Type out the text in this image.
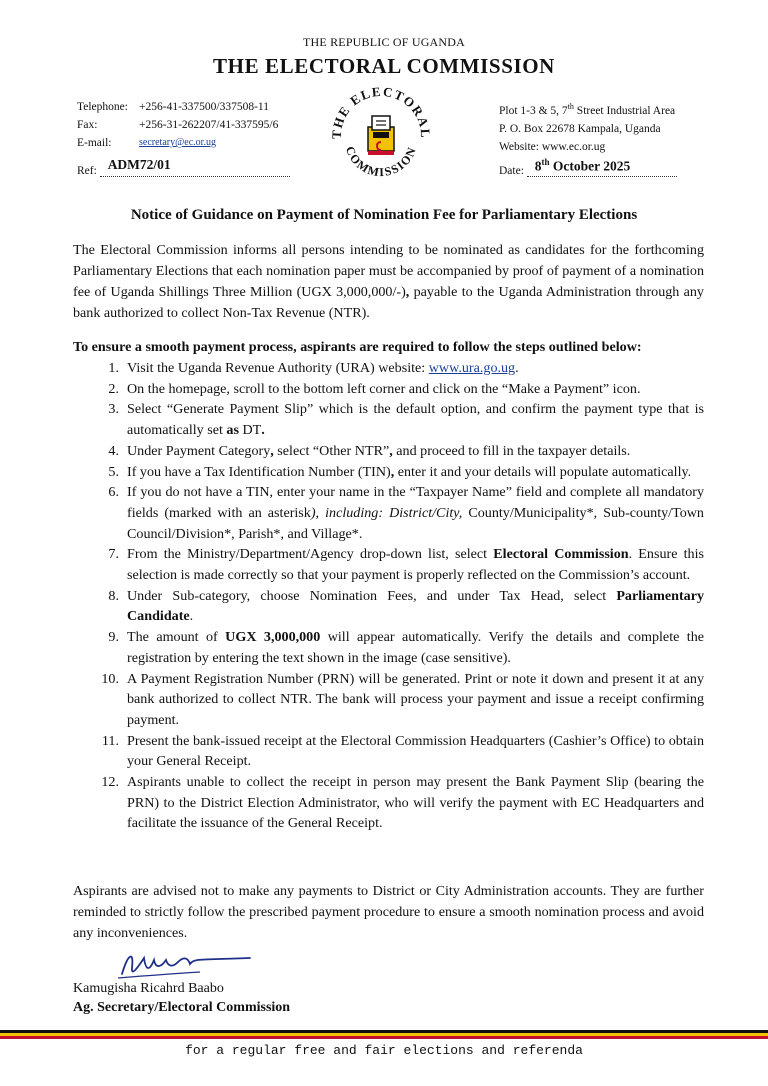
THE REPUBLIC OF UGANDA
THE ELECTORAL COMMISSION
Telephone: +256-41-337500/337508-11
Fax:	+256-31-262207/41-337595/6
E-mail:	secretary@ec.or.ug
THE ELECTORAL
COMMISSION
Ref: ADM72/01	Date: 8th October 2025
Plot 1-3 & 5, 7th Street Industrial Area
P. O. Box 22678 Kampala, Uganda
Website: www.ec.or.ug
Notice of Guidance on Payment of Nomination Fee for Parliamentary Elections
The Electoral Commission informs all persons intending to be nominated as candidates for the forthcoming Parliamentary Elections that each nomination paper must be accompanied by proof of payment of a nomination fee of Uganda Shillings Three Million (UGX 3,000,000/-), payable to the Uganda Administration through any bank authorized to collect Non-Tax Revenue (NTR).
To ensure a smooth payment process, aspirants are required to follow the steps outlined below:
1. Visit the Uganda Revenue Authority (URA) website: www.ura.go.ug.
2. On the homepage, scroll to the bottom left corner and click on the “Make a Payment” icon.
3. Select “Generate Payment Slip” which is the default option, and confirm the payment type that is automatically set as DT.
4. Under Payment Category, select “Other NTR”, and proceed to fill in the taxpayer details.
5. If you have a Tax Identification Number (TIN), enter it and your details will populate automatically.
6. If you do not have a TIN, enter your name in the “Taxpayer Name” field and complete all mandatory fields (marked with an asterisk), including: District/City, County/Municipality*, Sub-county/Town Council/Division*, Parish*, and Village*.
7. From the Ministry/Department/Agency drop-down list, select Electoral Commission. Ensure this selection is made correctly so that your payment is properly reflected on the Commission’s account.
8. Under Sub-category, choose Nomination Fees, and under Tax Head, select Parliamentary Candidate.
9. The amount of UGX 3,000,000 will appear automatically. Verify the details and complete the registration by entering the text shown in the image (case sensitive).
10. A Payment Registration Number (PRN) will be generated. Print or note it down and present it at any bank authorized to collect NTR. The bank will process your payment and issue a receipt confirming payment.
11. Present the bank-issued receipt at the Electoral Commission Headquarters (Cashier’s Office) to obtain your General Receipt.
12. Aspirants unable to collect the receipt in person may present the Bank Payment Slip (bearing the PRN) to the District Election Administrator, who will verify the payment with EC Headquarters and facilitate the issuance of the General Receipt.
Aspirants are advised not to make any payments to District or City Administration accounts. They are further reminded to strictly follow the prescribed payment procedure to ensure a smooth nomination process and avoid any inconveniences.
Kamugisha Ricahrd Baabo
Ag. Secretary/Electoral Commission
for a regular free and fair elections and referenda
